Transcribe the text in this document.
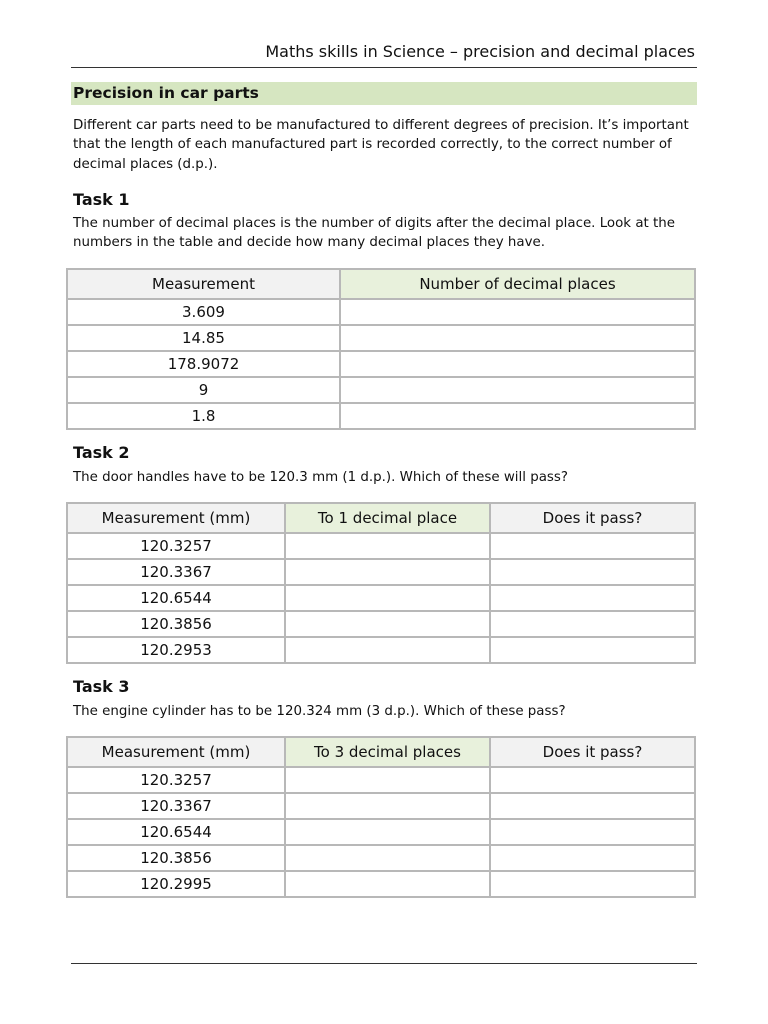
Maths skills in Science – precision and decimal places
Precision in car parts
Different car parts need to be manufactured to different degrees of precision. It’s important that the length of each manufactured part is recorded correctly, to the correct number of decimal places (d.p.).
Task 1
The number of decimal places is the number of digits after the decimal place. Look at the numbers in the table and decide how many decimal places they have.
Measurement	Number of decimal places
3.609	
14.85	
178.9072	
9	
1.8	
Task 2
The door handles have to be 120.3 mm (1 d.p.). Which of these will pass?
Measurement (mm)	To 1 decimal place	Does it pass?
120.3257		
120.3367		
120.6544		
120.3856		
120.2953		
Task 3
The engine cylinder has to be 120.324 mm (3 d.p.). Which of these pass?
Measurement (mm)	To 3 decimal places	Does it pass?
120.3257		
120.3367		
120.6544		
120.3856		
120.2995		
